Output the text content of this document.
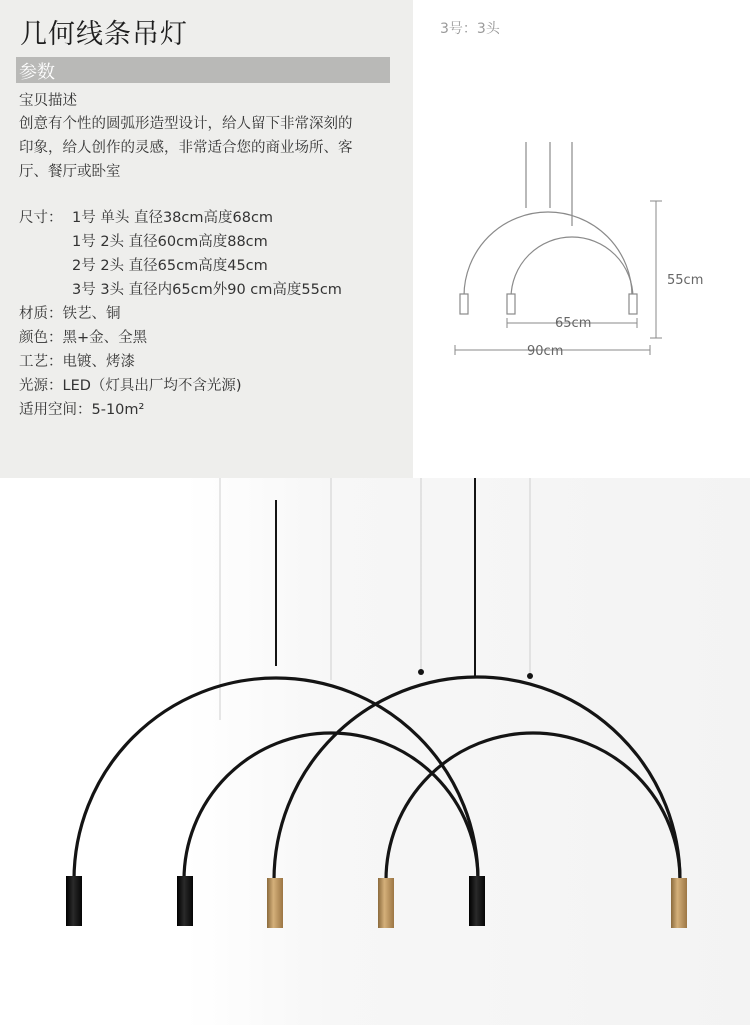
几何线条吊灯
参数
宝贝描述
创意有个性的圆弧形造型设计，给人留下非常深刻的
印象，给人创作的灵感，非常适合您的商业场所、客
厅、餐厅或卧室
尺寸： 1号 单头 直径38cm高度68cm
1号 2头 直径60cm高度88cm
2号 2头 直径65cm高度45cm
3号 3头 直径内65cm外90 cm高度55cm
材质：铁艺、铜
颜色：黑+金、全黑
工艺：电镀、烤漆
光源：LED（灯具出厂均不含光源)
适用空间：5-10m²
3号：3头
55cm
65cm
90cm
